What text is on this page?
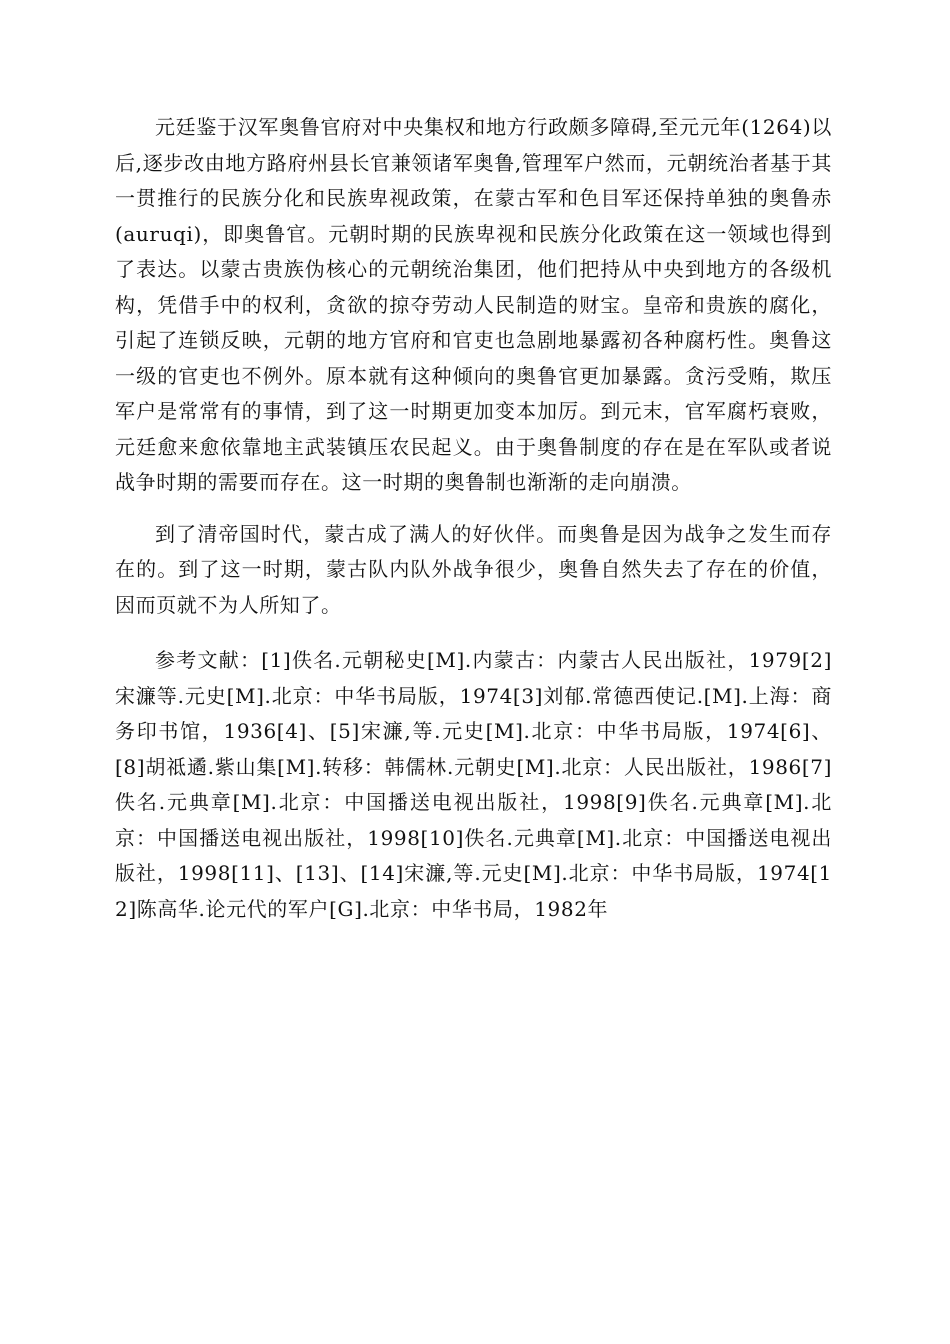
元廷鉴于汉军奥鲁官府对中央集权和地方行政颇多障碍,至元元年(1264)以后,逐步改由地方路府州县长官兼领诸军奥鲁,管理军户然而，元朝统治者基于其一贯推行的民族分化和民族卑视政策，在蒙古军和色目军还保持单独的奥鲁赤(auruqi)，即奥鲁官。元朝时期的民族卑视和民族分化政策在这一领域也得到了表达。以蒙古贵族伪核心的元朝统治集团，他们把持从中央到地方的各级机构，凭借手中的权利，贪欲的掠夺劳动人民制造的财宝。皇帝和贵族的腐化，引起了连锁反映，元朝的地方官府和官吏也急剧地暴露初各种腐朽性。奥鲁这一级的官吏也不例外。原本就有这种倾向的奥鲁官更加暴露。贪污受贿，欺压军户是常常有的事情，到了这一时期更加变本加厉。到元末，官军腐朽衰败，元廷愈来愈依靠地主武装镇压农民起义。由于奥鲁制度的存在是在军队或者说战争时期的需要而存在。这一时期的奥鲁制也渐渐的走向崩溃。

到了清帝国时代，蒙古成了满人的好伙伴。而奥鲁是因为战争之发生而存在的。到了这一时期，蒙古队内队外战争很少，奥鲁自然失去了存在的价值，因而页就不为人所知了。

参考文献：[1]佚名.元朝秘史[M].内蒙古：内蒙古人民出版社，1979[2]宋濂等.元史[M].北京：中华书局版，1974[3]刘郁.常德西使记.[M].上海：商务印书馆，1936[4]、[5]宋濂,等.元史[M].北京：中华书局版，1974[6]、[8]胡祗遹.紫山集[M].转移：韩儒林.元朝史[M].北京：人民出版社，1986[7]佚名.元典章[M].北京：中国播送电视出版社，1998[9]佚名.元典章[M].北京：中国播送电视出版社，1998[10]佚名.元典章[M].北京：中国播送电视出版社，1998[11]、[13]、[14]宋濂,等.元史[M].北京：中华书局版，1974[12]陈高华.论元代的军户[G].北京：中华书局，1982年
